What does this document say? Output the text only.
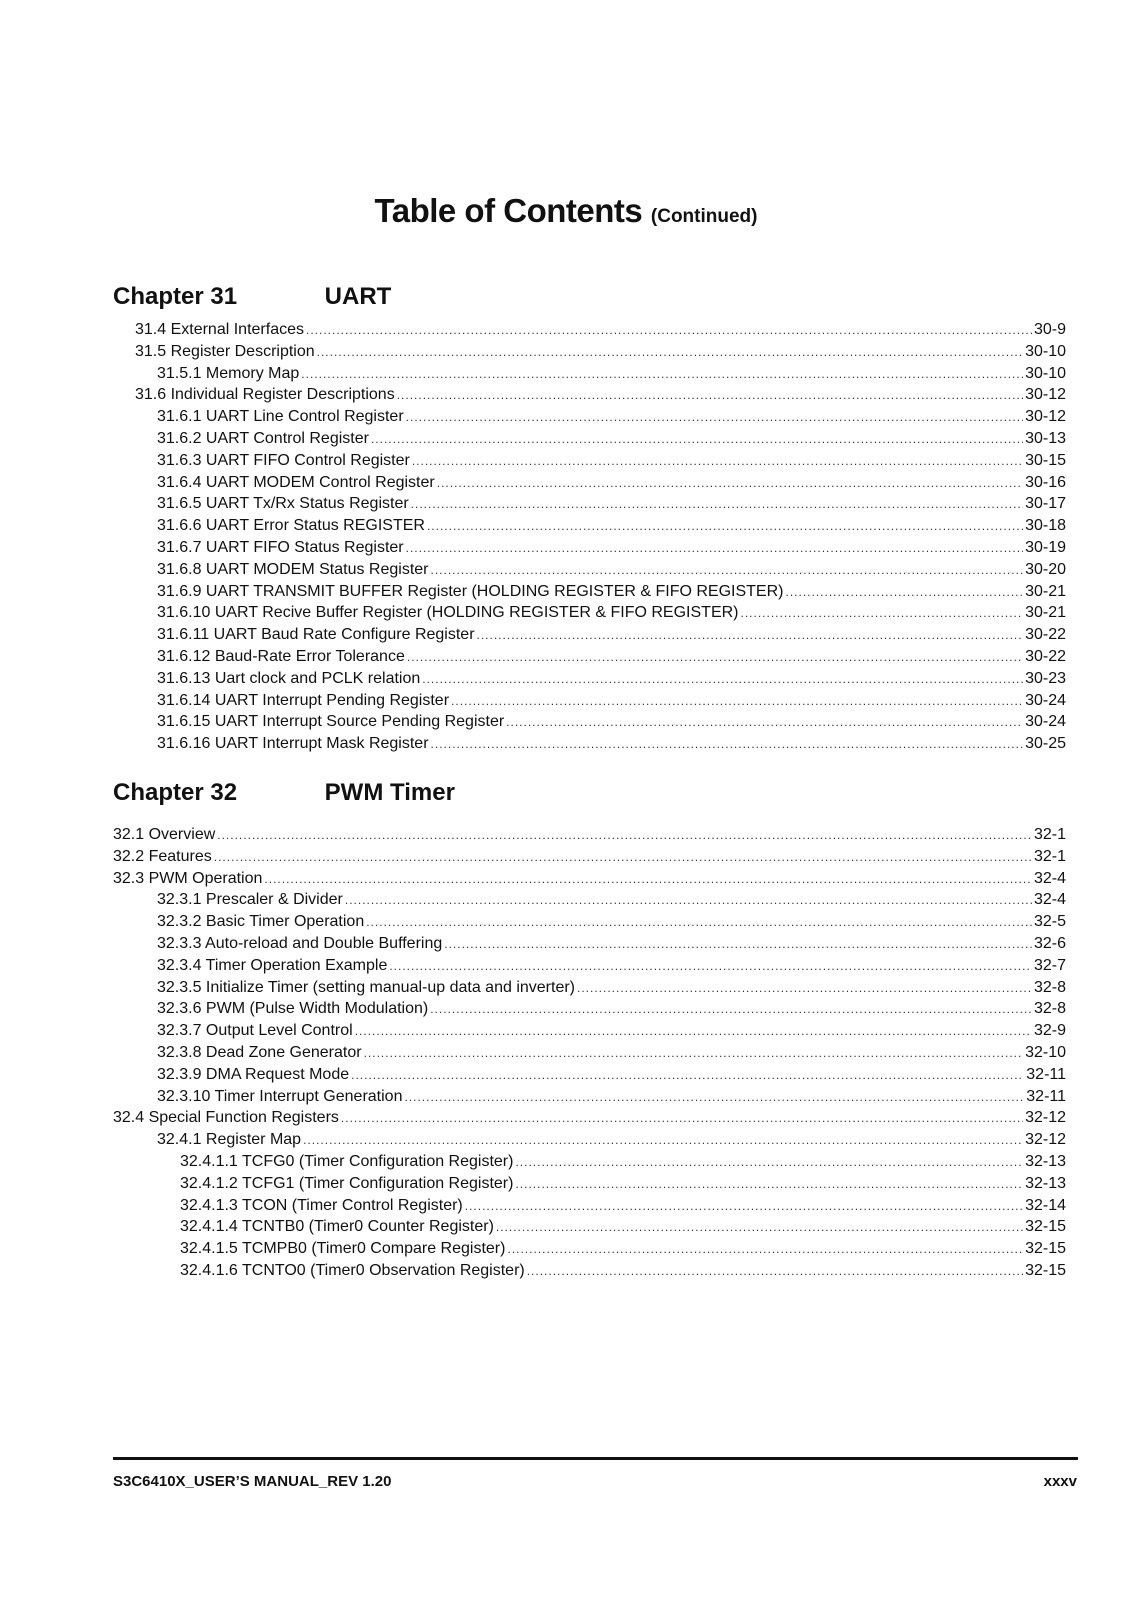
Table of Contents (Continued)
Chapter 31	UART
31.4 External Interfaces .....	30-9
31.5 Register Description .....	30-10
31.5.1 Memory Map .....	30-10
31.6 Individual Register Descriptions .....	30-12
31.6.1 UART Line Control Register .....	30-12
31.6.2 UART Control Register .....	30-13
31.6.3 UART FIFO Control Register .....	30-15
31.6.4 UART MODEM Control Register .....	30-16
31.6.5 UART Tx/Rx Status Register .....	30-17
31.6.6 UART Error Status REGISTER .....	30-18
31.6.7 UART FIFO Status Register .....	30-19
31.6.8 UART MODEM Status Register .....	30-20
31.6.9 UART TRANSMIT BUFFER Register (HOLDING REGISTER & FIFO REGISTER) .....	30-21
31.6.10 UART Recive Buffer Register (HOLDING REGISTER & FIFO REGISTER) .....	30-21
31.6.11 UART Baud Rate Configure Register .....	30-22
31.6.12 Baud-Rate Error Tolerance .....	30-22
31.6.13 Uart clock and PCLK relation .....	30-23
31.6.14 UART Interrupt Pending Register .....	30-24
31.6.15 UART Interrupt Source Pending Register .....	30-24
31.6.16 UART Interrupt Mask Register .....	30-25
Chapter 32	PWM Timer
32.1 Overview .....	32-1
32.2 Features .....	32-1
32.3 PWM Operation .....	32-4
32.3.1 Prescaler & Divider .....	32-4
32.3.2 Basic Timer Operation .....	32-5
32.3.3 Auto-reload and Double Buffering .....	32-6
32.3.4 Timer Operation Example .....	32-7
32.3.5 Initialize Timer (setting manual-up data and inverter) .....	32-8
32.3.6 PWM (Pulse Width Modulation) .....	32-8
32.3.7 Output Level Control .....	32-9
32.3.8 Dead Zone Generator .....	32-10
32.3.9 DMA Request Mode .....	32-11
32.3.10 Timer Interrupt Generation .....	32-11
32.4 Special Function Registers .....	32-12
32.4.1 Register Map .....	32-12
32.4.1.1 TCFG0 (Timer Configuration Register) .....	32-13
32.4.1.2 TCFG1 (Timer Configuration Register) .....	32-13
32.4.1.3 TCON (Timer Control Register) .....	32-14
32.4.1.4 TCNTB0 (Timer0 Counter Register) .....	32-15
32.4.1.5 TCMPB0 (Timer0 Compare Register) .....	32-15
32.4.1.6 TCNTO0 (Timer0 Observation Register) .....	32-15
S3C6410X_USER’S MANUAL_REV 1.20	xxxv
